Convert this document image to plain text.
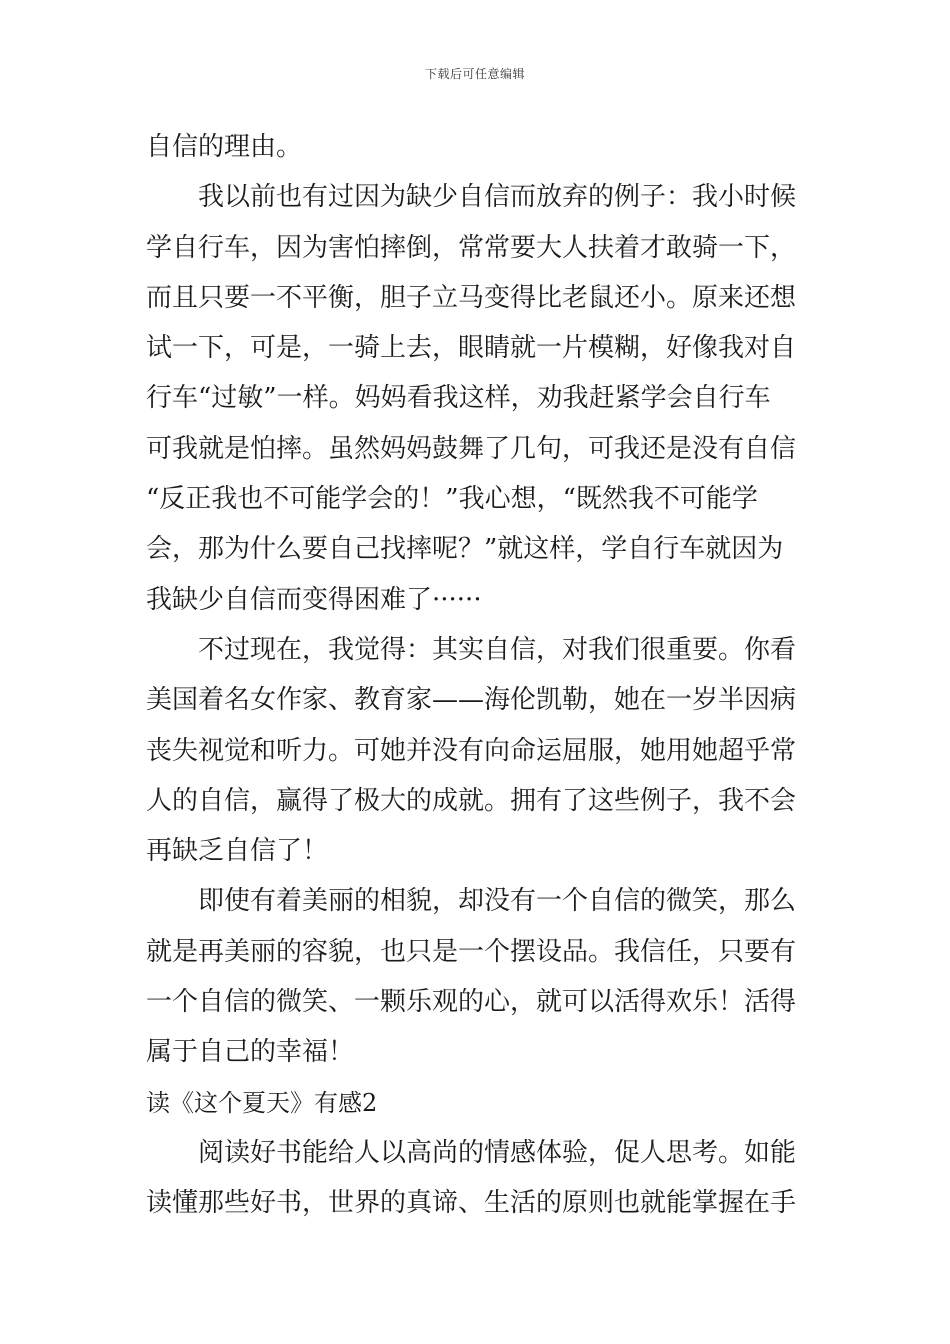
下载后可任意编辑
自信的理由。
我以前也有过因为缺少自信而放弃的例子：我小时候
学自行车，因为害怕摔倒，常常要大人扶着才敢骑一下，
而且只要一不平衡，胆子立马变得比老鼠还小。原来还想
试一下，可是，一骑上去，眼睛就一片模糊，好像我对自
行车“过敏”一样。妈妈看我这样，劝我赶紧学会自行车
可我就是怕摔。虽然妈妈鼓舞了几句，可我还是没有自信
“反正我也不可能学会的！”我心想，“既然我不可能学
会，那为什么要自己找摔呢？”就这样，学自行车就因为
我缺少自信而变得困难了······
不过现在，我觉得：其实自信，对我们很重要。你看
美国着名女作家、教育家——海伦凯勒，她在一岁半因病
丧失视觉和听力。可她并没有向命运屈服，她用她超乎常
人的自信，赢得了极大的成就。拥有了这些例子，我不会
再缺乏自信了！
即使有着美丽的相貌，却没有一个自信的微笑，那么
就是再美丽的容貌，也只是一个摆设品。我信任，只要有
一个自信的微笑、一颗乐观的心，就可以活得欢乐！活得
属于自己的幸福！
读《这个夏天》有感2
阅读好书能给人以高尚的情感体验，促人思考。如能
读懂那些好书，世界的真谛、生活的原则也就能掌握在手
